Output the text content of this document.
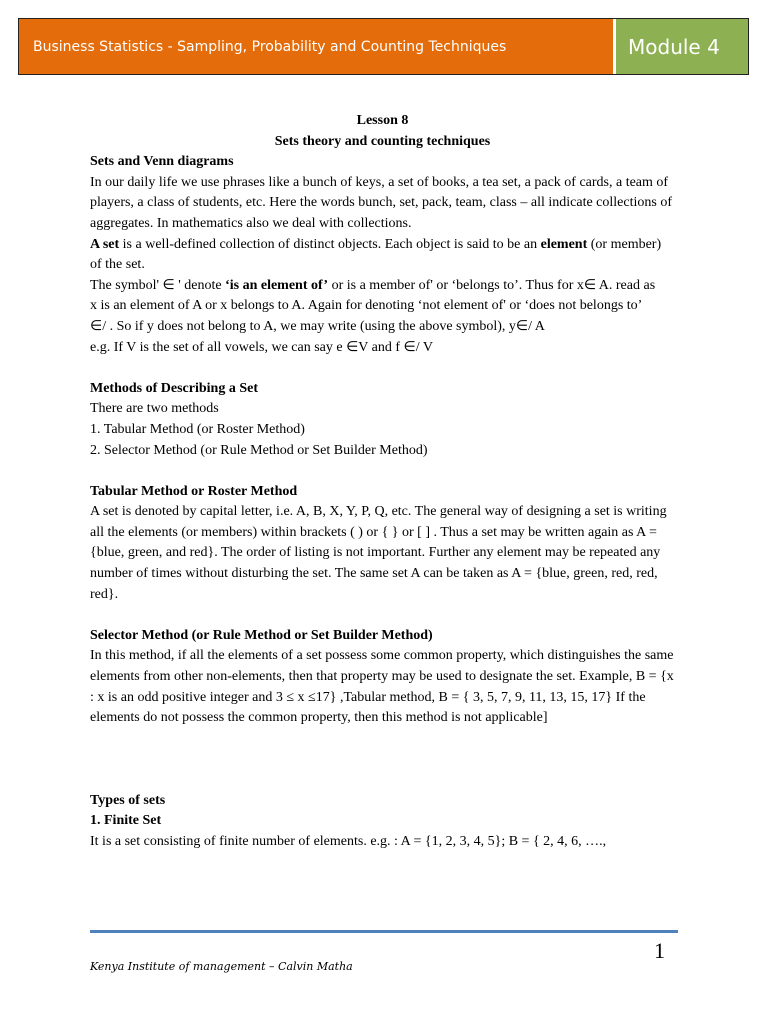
Business Statistics - Sampling, Probability and Counting Techniques	Module 4

Lesson 8

Sets theory and counting techniques

Sets and Venn diagrams

In our daily life we use phrases like a bunch of keys, a set of books, a tea set, a pack of cards, a team of players, a class of students, etc. Here the words bunch, set, pack, team, class – all indicate collections of aggregates. In mathematics also we deal with collections.

A set is a well-defined collection of distinct objects. Each object is said to be an element (or member) of the set.

The symbol' ∈ ' denote ‘is an element of’ or is a member of' or ‘belongs to’. Thus for x∈ A. read as

x is an element of A or x belongs to A. Again for denoting ‘not element of' or ‘does not belongs to’

∈/ . So if y does not belong to A, we may write (using the above symbol), y∈/ A

e.g. If V is the set of all vowels, we can say e ∈V and f ∈/ V

Methods of Describing a Set

There are two methods

1. Tabular Method (or Roster Method)

2. Selector Method (or Rule Method or Set Builder Method)

Tabular Method or Roster Method

A set is denoted by capital letter, i.e. A, B, X, Y, P, Q, etc. The general way of designing a set is writing all the elements (or members) within brackets ( ) or { } or [ ] . Thus a set may be written again as A = {blue, green, and red}. The order of listing is not important. Further any element may be repeated any number of times without disturbing the set. The same set A can be taken as A = {blue, green, red, red, red}.

Selector Method (or Rule Method or Set Builder Method)

In this method, if all the elements of a set possess some common property, which distinguishes the same elements from other non-elements, then that property may be used to designate the set. Example, B = {x : x is an odd positive integer and 3 ≤ x ≤17} ,Tabular method, B = { 3, 5, 7, 9, 11, 13, 15, 17} If the elements do not possess the common property, then this method is not applicable]

Types of sets

1. Finite Set

It is a set consisting of finite number of elements. e.g. : A = {1, 2, 3, 4, 5}; B = { 2, 4, 6, ….,

1
Kenya Institute of management – Calvin Matha
